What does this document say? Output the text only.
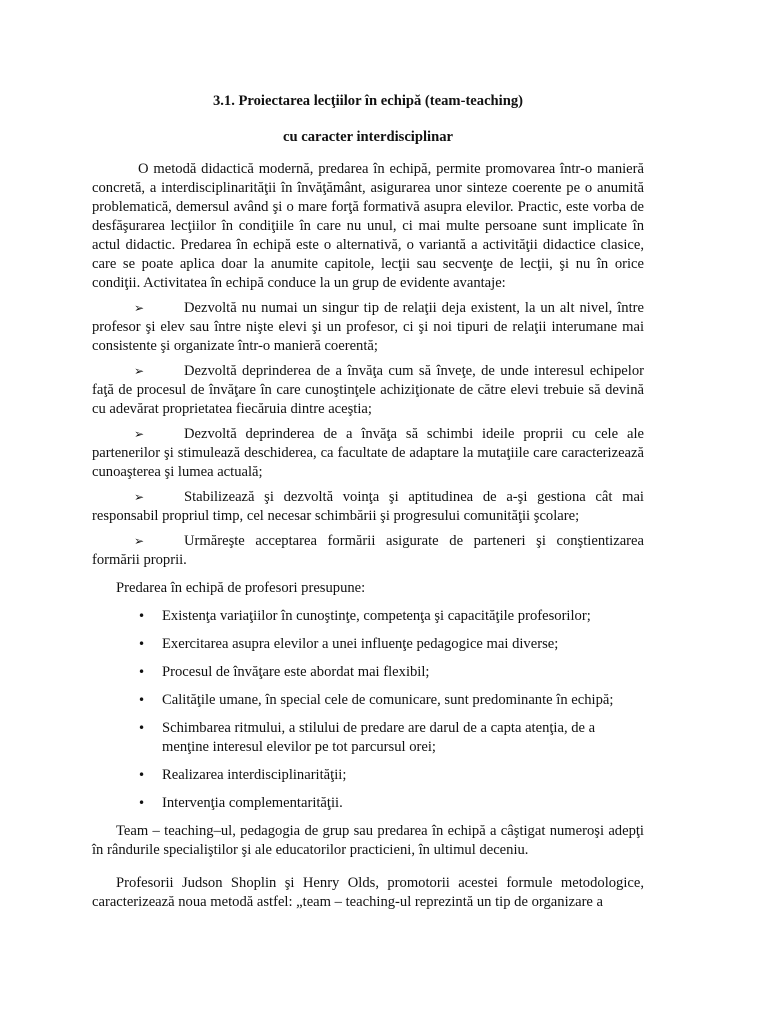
3.1. Proiectarea lecţiilor în echipă (team-teaching)
cu caracter interdisciplinar

O metodă didactică modernă, predarea în echipă, permite promovarea într-o manieră concretă, a interdisciplinarităţii în învăţământ, asigurarea unor sinteze coerente pe o anumită problematică, demersul având şi o mare forţă formativă asupra elevilor. Practic, este vorba de desfăşurarea lecţiilor în condiţiile în care nu unul, ci mai multe persoane sunt implicate în actul didactic. Predarea în echipă este o alternativă, o variantă a activităţii didactice clasice, care se poate aplica doar la anumite capitole, lecţii sau secvenţe de lecţii, şi nu în orice condiţii. Activitatea în echipă conduce la un grup de evidente avantaje:

➢	Dezvoltă nu numai un singur tip de relaţii deja existent, la un alt nivel, între profesor şi elev sau între nişte elevi şi un profesor, ci şi noi tipuri de relaţii interumane mai consistente şi organizate într-o manieră coerentă;

➢	Dezvoltă deprinderea de a învăţa cum să înveţe, de unde interesul echipelor faţă de procesul de învăţare în care cunoştinţele achiziţionate de către elevi trebuie să devină cu adevărat proprietatea fiecăruia dintre aceştia;

➢	Dezvoltă deprinderea de a învăţa să schimbi ideile proprii cu cele ale partenerilor şi stimulează deschiderea, ca facultate de adaptare la mutaţiile care caracterizează cunoaşterea şi lumea actuală;

➢	Stabilizează şi dezvoltă voinţa şi aptitudinea de a-şi gestiona cât mai responsabil propriul timp, cel necesar schimbării şi progresului comunităţii şcolare;

➢	Urmăreşte acceptarea formării asigurate de parteneri şi conştientizarea formării proprii.

Predarea în echipă de profesori presupune:

• Existenţa variaţiilor în cunoştinţe, competenţa şi capacităţile profesorilor;
• Exercitarea asupra elevilor a unei influenţe pedagogice mai diverse;
• Procesul de învăţare este abordat mai flexibil;
• Calităţile umane, în special cele de comunicare, sunt predominante în echipă;
• Schimbarea ritmului, a stilului de predare are darul de a capta atenţia, de a menţine interesul elevilor pe tot parcursul orei;
• Realizarea interdisciplinarităţii;
• Intervenţia complementarităţii.

Team – teaching–ul, pedagogia de grup sau predarea în echipă a câştigat numeroşi adepţi în rândurile specialiştilor şi ale educatorilor practicieni, în ultimul deceniu.

Profesorii Judson Shoplin şi Henry Olds, promotorii acestei formule metodologice, caracterizează noua metodă astfel: „team – teaching-ul reprezintă un tip de organizare a
